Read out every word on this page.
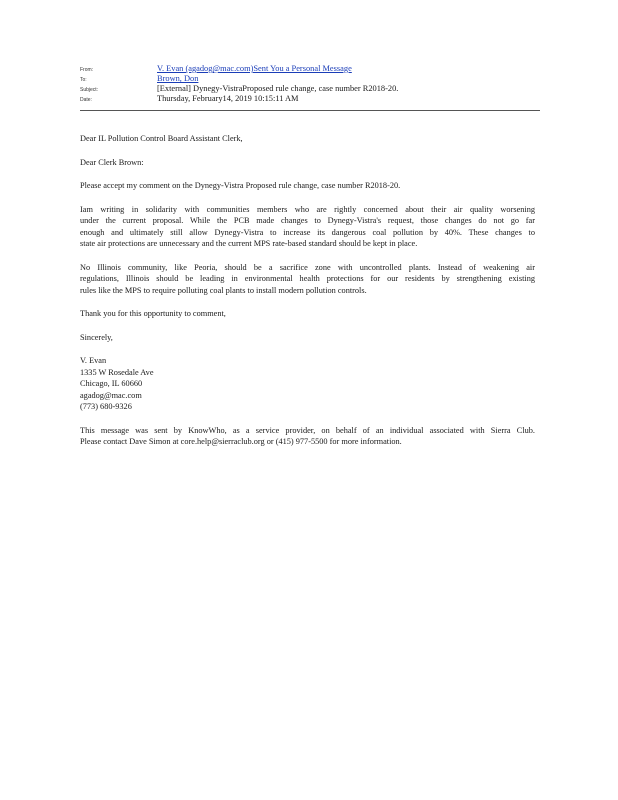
From:	V. Evan (agadog@mac.com)Sent You a Personal Message
To:	Brown, Don
Subject:	[External] Dynegy-VistraProposed rule change, case number R2018-20.
Date:	Thursday, February14, 2019 10:15:11 AM

Dear IL Pollution Control Board Assistant Clerk,

Dear Clerk Brown:

Please accept my comment on the Dynegy-Vistra Proposed rule change, case number R2018-20.

Iam writing in solidarity with communities members who are rightly concerned about their air quality worsening
under the current proposal. While the PCB made changes to Dynegy-Vistra's request, those changes do not go far
enough and ultimately still allow Dynegy-Vistra to increase its dangerous coal pollution by 40%. These changes to
state air protections are unnecessary and the current MPS rate-based standard should be kept in place.

No Illinois community, like Peoria, should be a sacrifice zone with uncontrolled plants. Instead of weakening air
regulations, Illinois should be leading in environmental health protections for our residents by strengthening existing
rules like the MPS to require polluting coal plants to install modern pollution controls.

Thank you for this opportunity to comment,

Sincerely,

V. Evan
1335 W Rosedale Ave
Chicago, IL 60660
agadog@mac.com
(773) 680-9326

This message was sent by KnowWho, as a service provider, on behalf of an individual associated with Sierra Club.
Please contact Dave Simon at core.help@sierraclub.org or (415) 977-5500 for more information.
